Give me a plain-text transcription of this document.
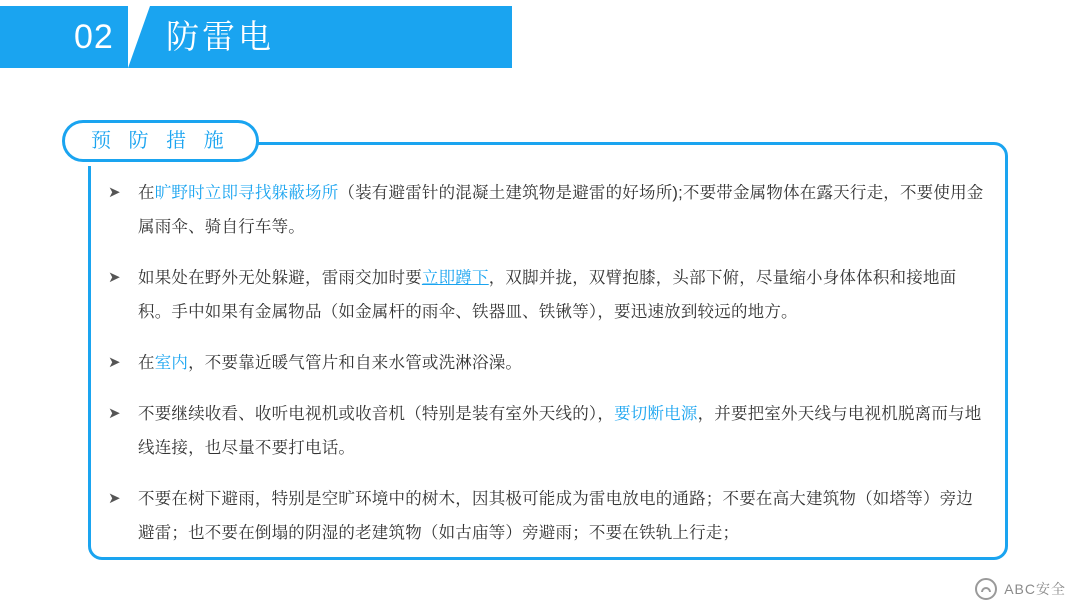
02 防雷电
预 防 措 施
➤	在旷野时立即寻找躲蔽场所（装有避雷针的混凝土建筑物是避雷的好场所);不要带金属物体在露天行走，不要使用金属雨伞、骑自行车等。
➤	如果处在野外无处躲避，雷雨交加时要立即蹲下，双脚并拢，双臂抱膝，头部下俯，尽量缩小身体体积和接地面积。手中如果有金属物品（如金属杆的雨伞、铁器皿、铁锹等），要迅速放到较远的地方。
➤	在室内，不要靠近暖气管片和自来水管或洗淋浴澡。
➤	不要继续收看、收听电视机或收音机（特别是装有室外天线的），要切断电源，并要把室外天线与电视机脱离而与地线连接，也尽量不要打电话。
➤	不要在树下避雨，特别是空旷环境中的树木，因其极可能成为雷电放电的通路；不要在高大建筑物（如塔等）旁边避雷；也不要在倒塌的阴湿的老建筑物（如古庙等）旁避雨；不要在铁轨上行走；
ABC安全
